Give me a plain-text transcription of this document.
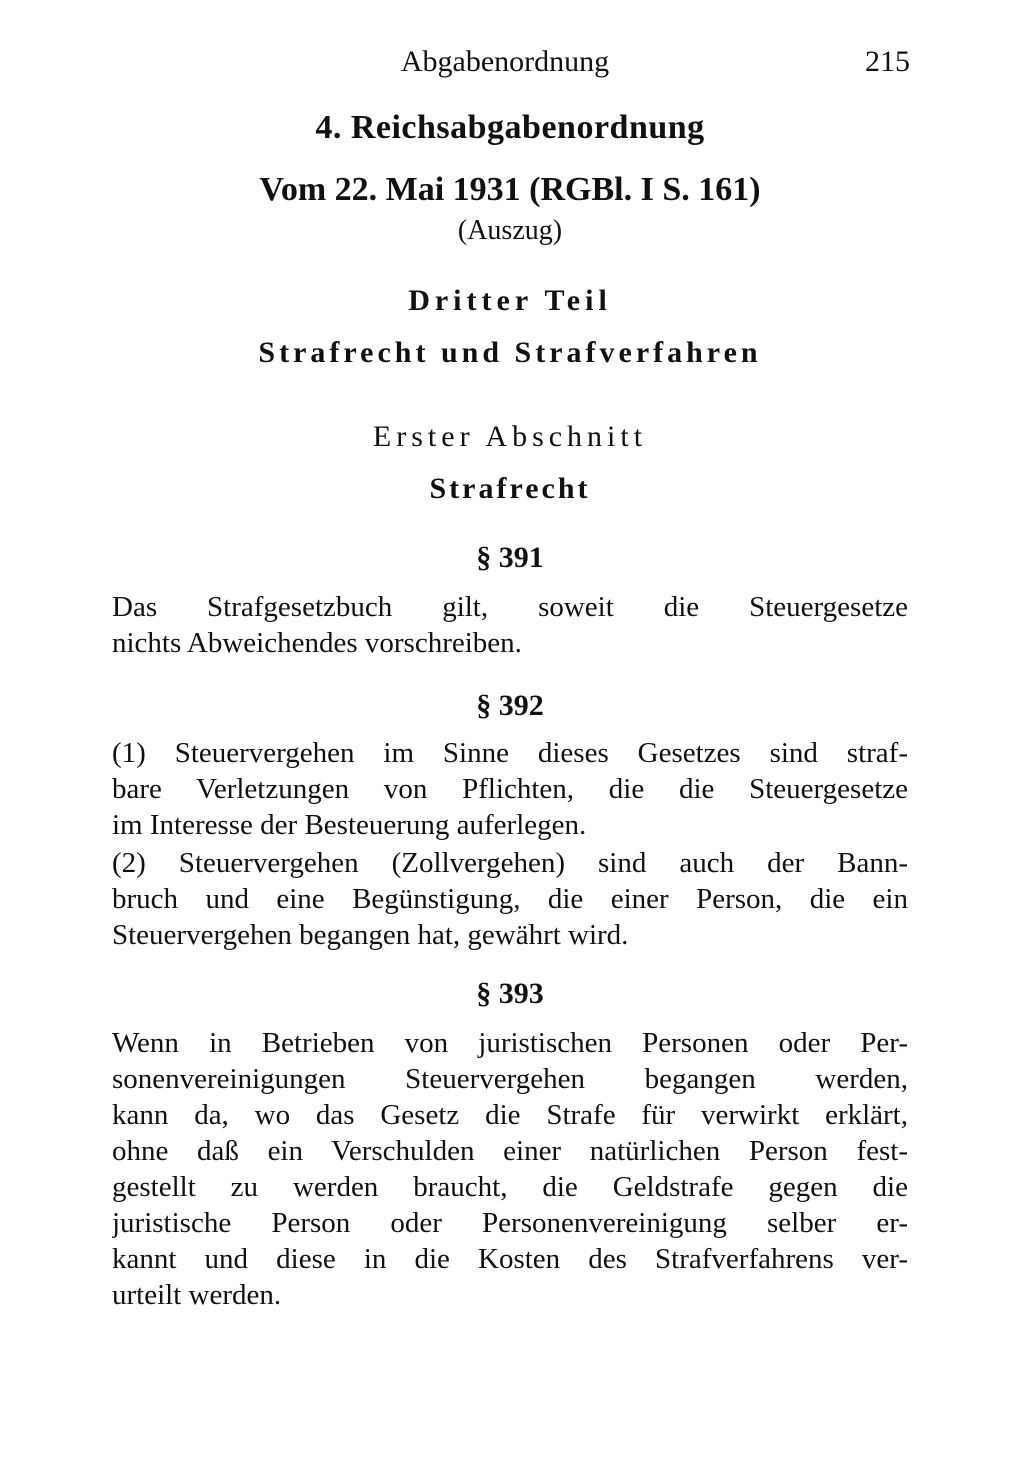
Abgabenordnung	215
4. Reichsabgabenordnung
Vom 22. Mai 1931 (RGBl. I S. 161)
(Auszug)
Dritter Teil
Strafrecht und Strafverfahren
Erster Abschnitt
Strafrecht
§ 391
Das Strafgesetzbuch gilt, soweit die Steuergesetze
nichts Abweichendes vorschreiben.
§ 392
(1) Steuervergehen im Sinne dieses Gesetzes sind straf-
bare Verletzungen von Pflichten, die die Steuergesetze
im Interesse der Besteuerung auferlegen.
(2) Steuervergehen (Zollvergehen) sind auch der Bann-
bruch und eine Begünstigung, die einer Person, die ein
Steuervergehen begangen hat, gewährt wird.
§ 393
Wenn in Betrieben von juristischen Personen oder Per-
sonenvereinigungen Steuervergehen begangen werden,
kann da, wo das Gesetz die Strafe für verwirkt erklärt,
ohne daß ein Verschulden einer natürlichen Person fest-
gestellt zu werden braucht, die Geldstrafe gegen die
juristische Person oder Personenvereinigung selber er-
kannt und diese in die Kosten des Strafverfahrens ver-
urteilt werden.
